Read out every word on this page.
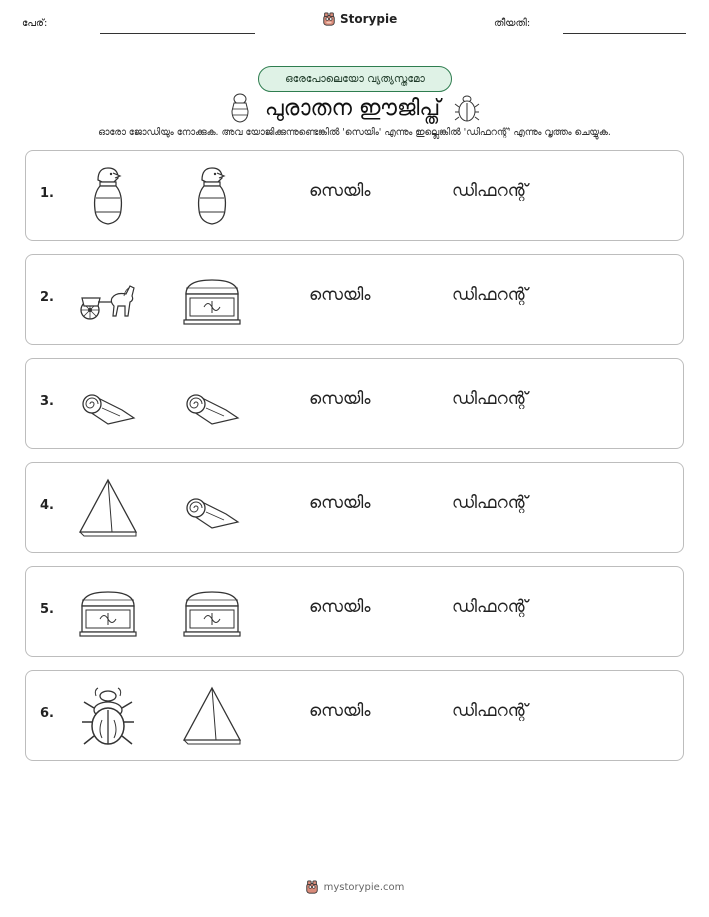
പേര്:	Storypie	തീയതി:
ഒരേപോലെയോ വ്യത്യസ്തമോ
പുരാതന ഈജിപ്ത്
ഓരോ ജോഡിയും നോക്കുക. അവ യോജിക്കുന്നുണ്ടെങ്കിൽ 'സെയിം' എന്നും ഇല്ലെങ്കിൽ 'ഡിഫറന്റ്' എന്നും വൃത്തം ചെയ്യുക.
1.	സെയിം	ഡിഫറന്റ്
2.	സെയിം	ഡിഫറന്റ്
3.	സെയിം	ഡിഫറന്റ്
4.	സെയിം	ഡിഫറന്റ്
5.	സെയിം	ഡിഫറന്റ്
6.	സെയിം	ഡിഫറന്റ്
mystorypie.com
